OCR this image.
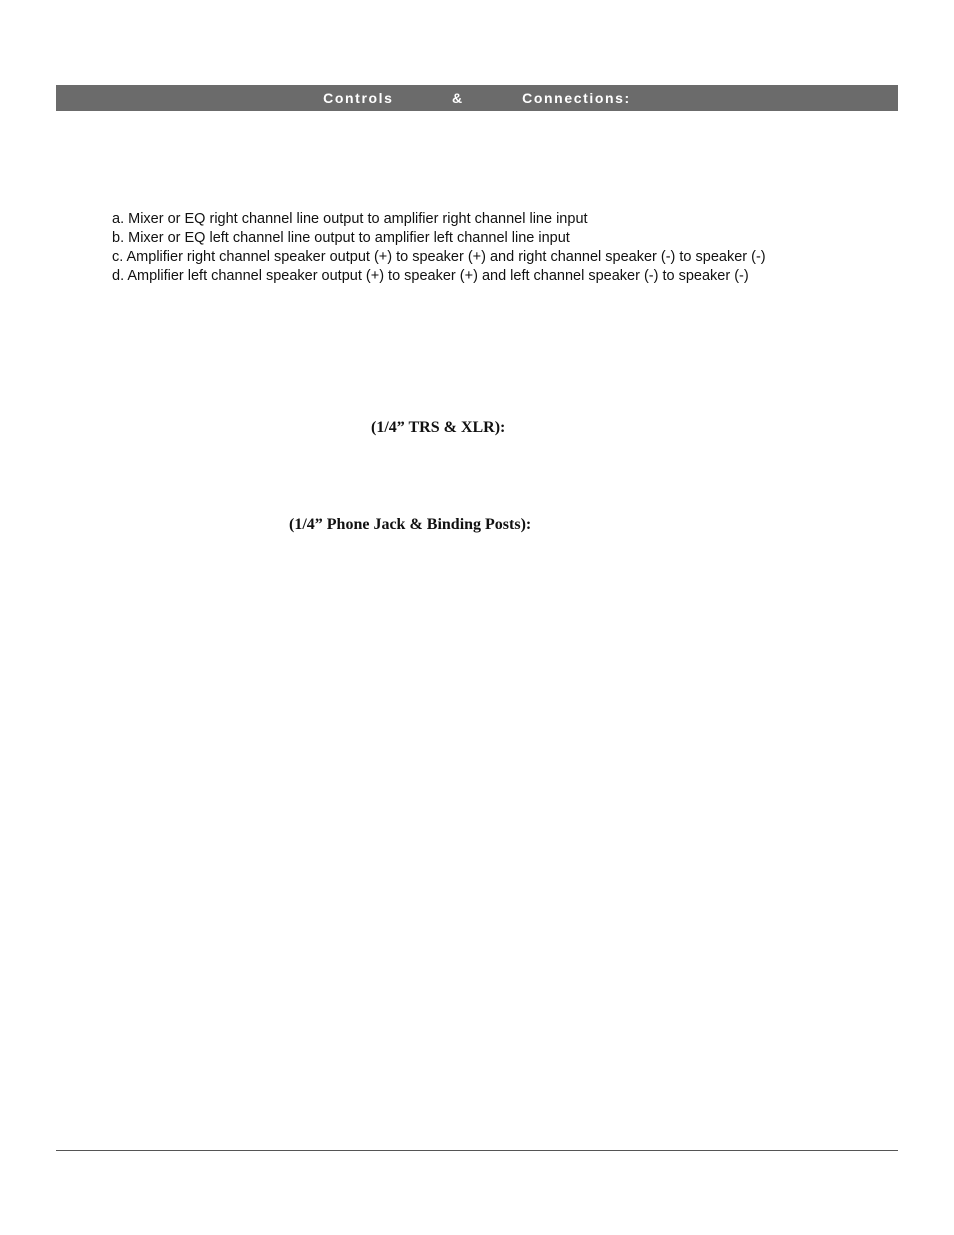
Controls   &   Connections:
a. Mixer or EQ right channel line output to amplifier right channel line input
b. Mixer or EQ left channel line output to amplifier left channel line input
c. Amplifier right channel speaker output (+) to speaker (+) and right channel speaker (-) to speaker (-)
d. Amplifier left channel speaker output (+) to speaker (+) and left channel speaker (-) to speaker (-)
(1/4” TRS & XLR):
(1/4” Phone Jack & Binding Posts):
